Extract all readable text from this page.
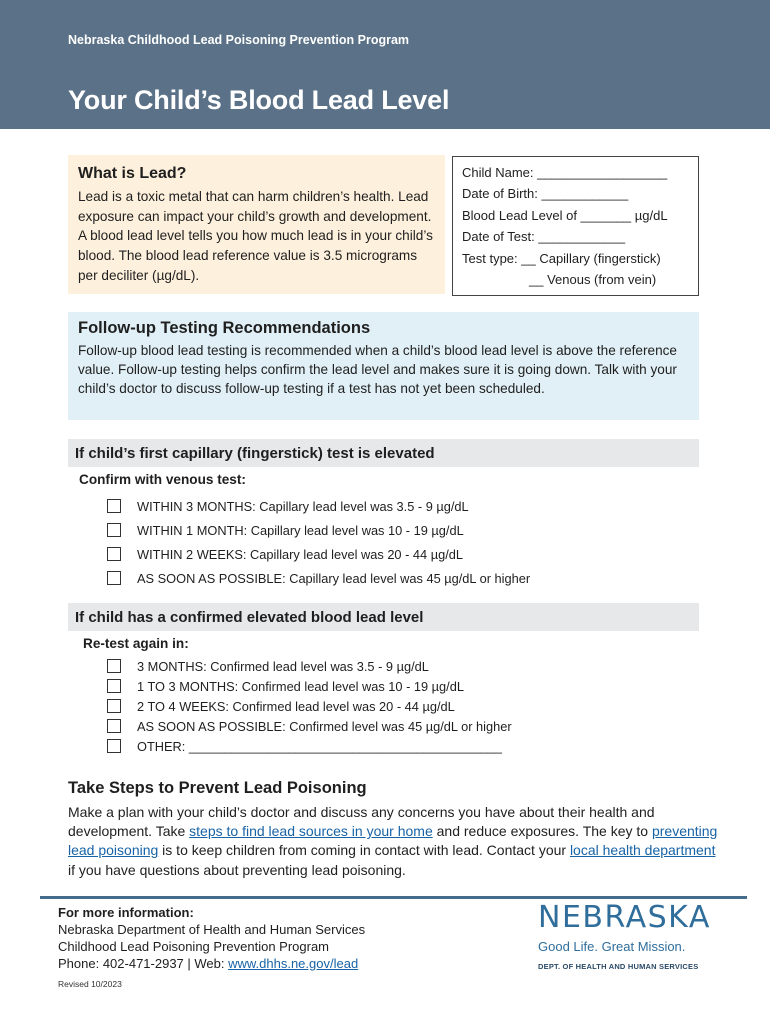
Nebraska Childhood Lead Poisoning Prevention Program
Your Child’s Blood Lead Level
What is Lead?

Lead is a toxic metal that can harm children’s health. Lead exposure can impact your child’s growth and development. A blood lead level tells you how much lead is in your child’s blood. The blood lead reference value is 3.5 micrograms per deciliter (µg/dL).

Child Name: __________________
Date of Birth: ____________
Blood Lead Level of _______ µg/dL
Date of Test: ____________
Test type: __ Capillary (fingerstick)
__ Venous (from vein)
Follow-up Testing Recommendations

Follow-up blood lead testing is recommended when a child’s blood lead level is above the reference value. Follow-up testing helps confirm the lead level and makes sure it is going down. Talk with your child’s doctor to discuss follow-up testing if a test has not yet been scheduled.

If child’s first capillary (fingerstick) test is elevated
Confirm with venous test:
WITHIN 3 MONTHS: Capillary lead level was 3.5 - 9 µg/dL
WITHIN 1 MONTH: Capillary lead level was 10 - 19 µg/dL
WITHIN 2 WEEKS: Capillary lead level was 20 - 44 µg/dL
AS SOON AS POSSIBLE: Capillary lead level was 45 µg/dL or higher
If child has a confirmed elevated blood lead level
Re-test again in:
3 MONTHS: Confirmed lead level was 3.5 - 9 µg/dL
1 TO 3 MONTHS: Confirmed lead level was 10 - 19 µg/dL
2 TO 4 WEEKS: Confirmed lead level was 20 - 44 µg/dL
AS SOON AS POSSIBLE: Confirmed level was 45 µg/dL or higher
OTHER: ____________________________________________
Take Steps to Prevent Lead Poisoning

Make a plan with your child’s doctor and discuss any concerns you have about their health and development. Take steps to find lead sources in your home and reduce exposures. The key to preventing lead poisoning is to keep children from coming in contact with lead. Contact your local health department if you have questions about preventing lead poisoning.

For more information:
Nebraska Department of Health and Human Services
Childhood Lead Poisoning Prevention Program
Phone: 402-471-2937 | Web: www.dhhs.ne.gov/lead
Revised 10/2023
NEBRASKA
Good Life. Great Mission.
DEPT. OF HEALTH AND HUMAN SERVICES
